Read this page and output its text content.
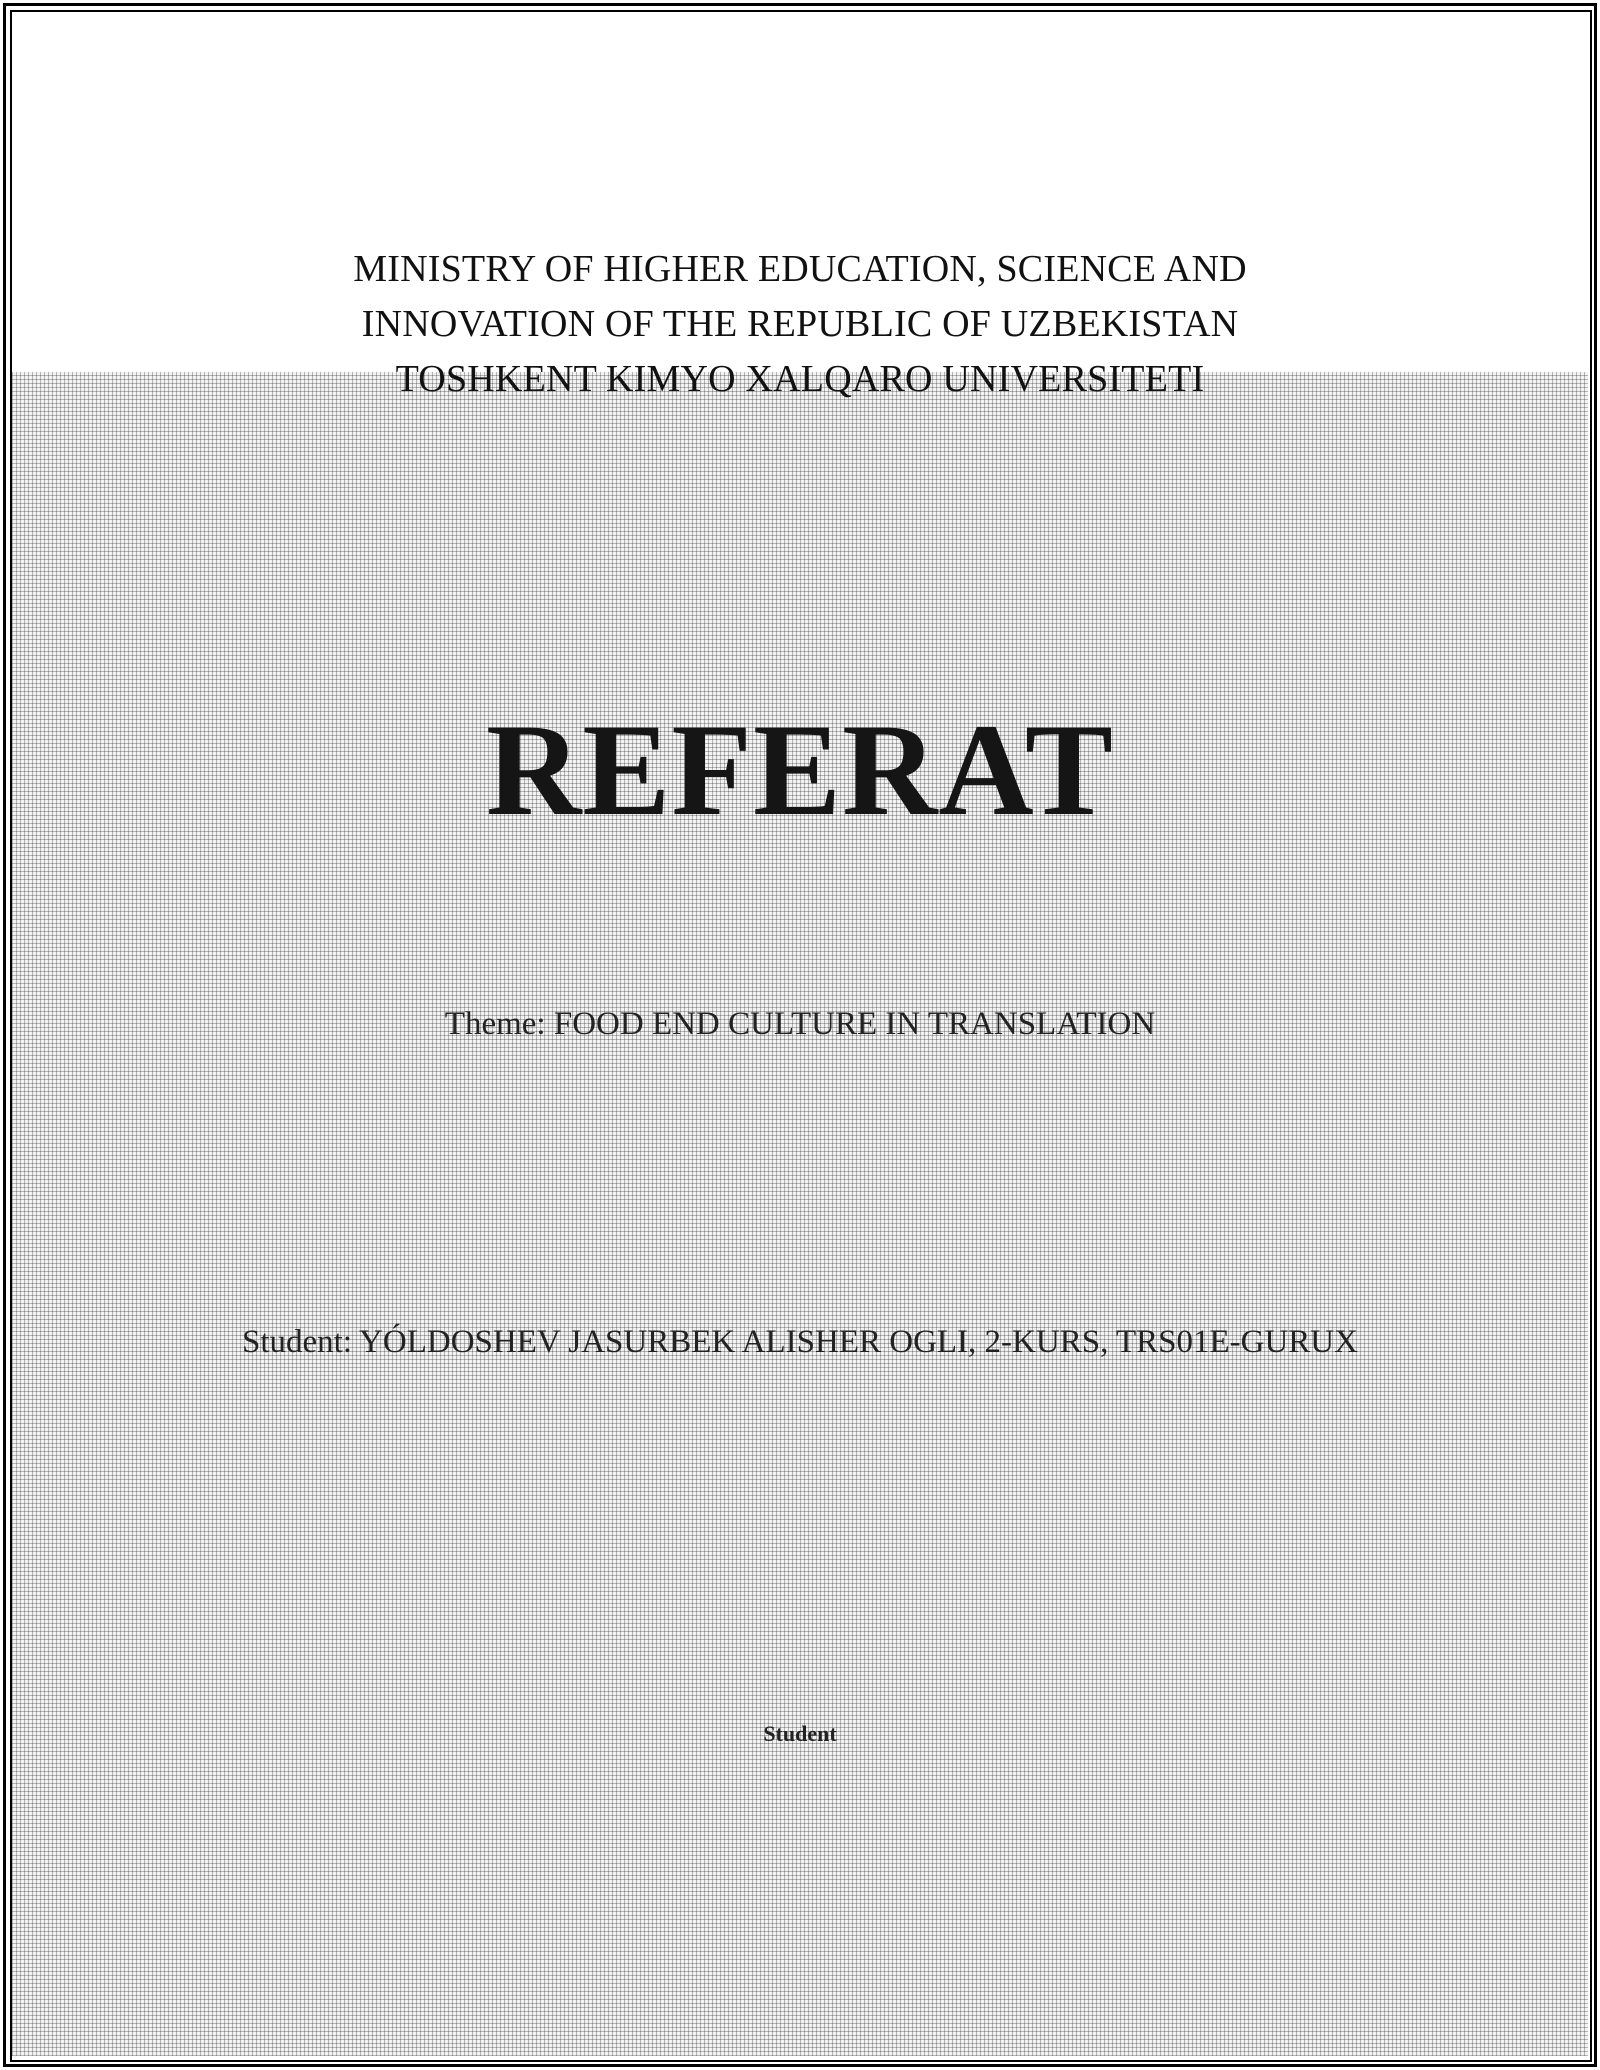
MINISTRY OF HIGHER EDUCATION, SCIENCE AND
INNOVATION OF THE REPUBLIC OF UZBEKISTAN
TOSHKENT KIMYO XALQARO UNIVERSITETI
REFERAT
Theme: FOOD END CULTURE IN TRANSLATION
Student: YÓLDOSHEV JASURBEK ALISHER OGLI, 2-KURS, TRS01E-GURUX
Student
